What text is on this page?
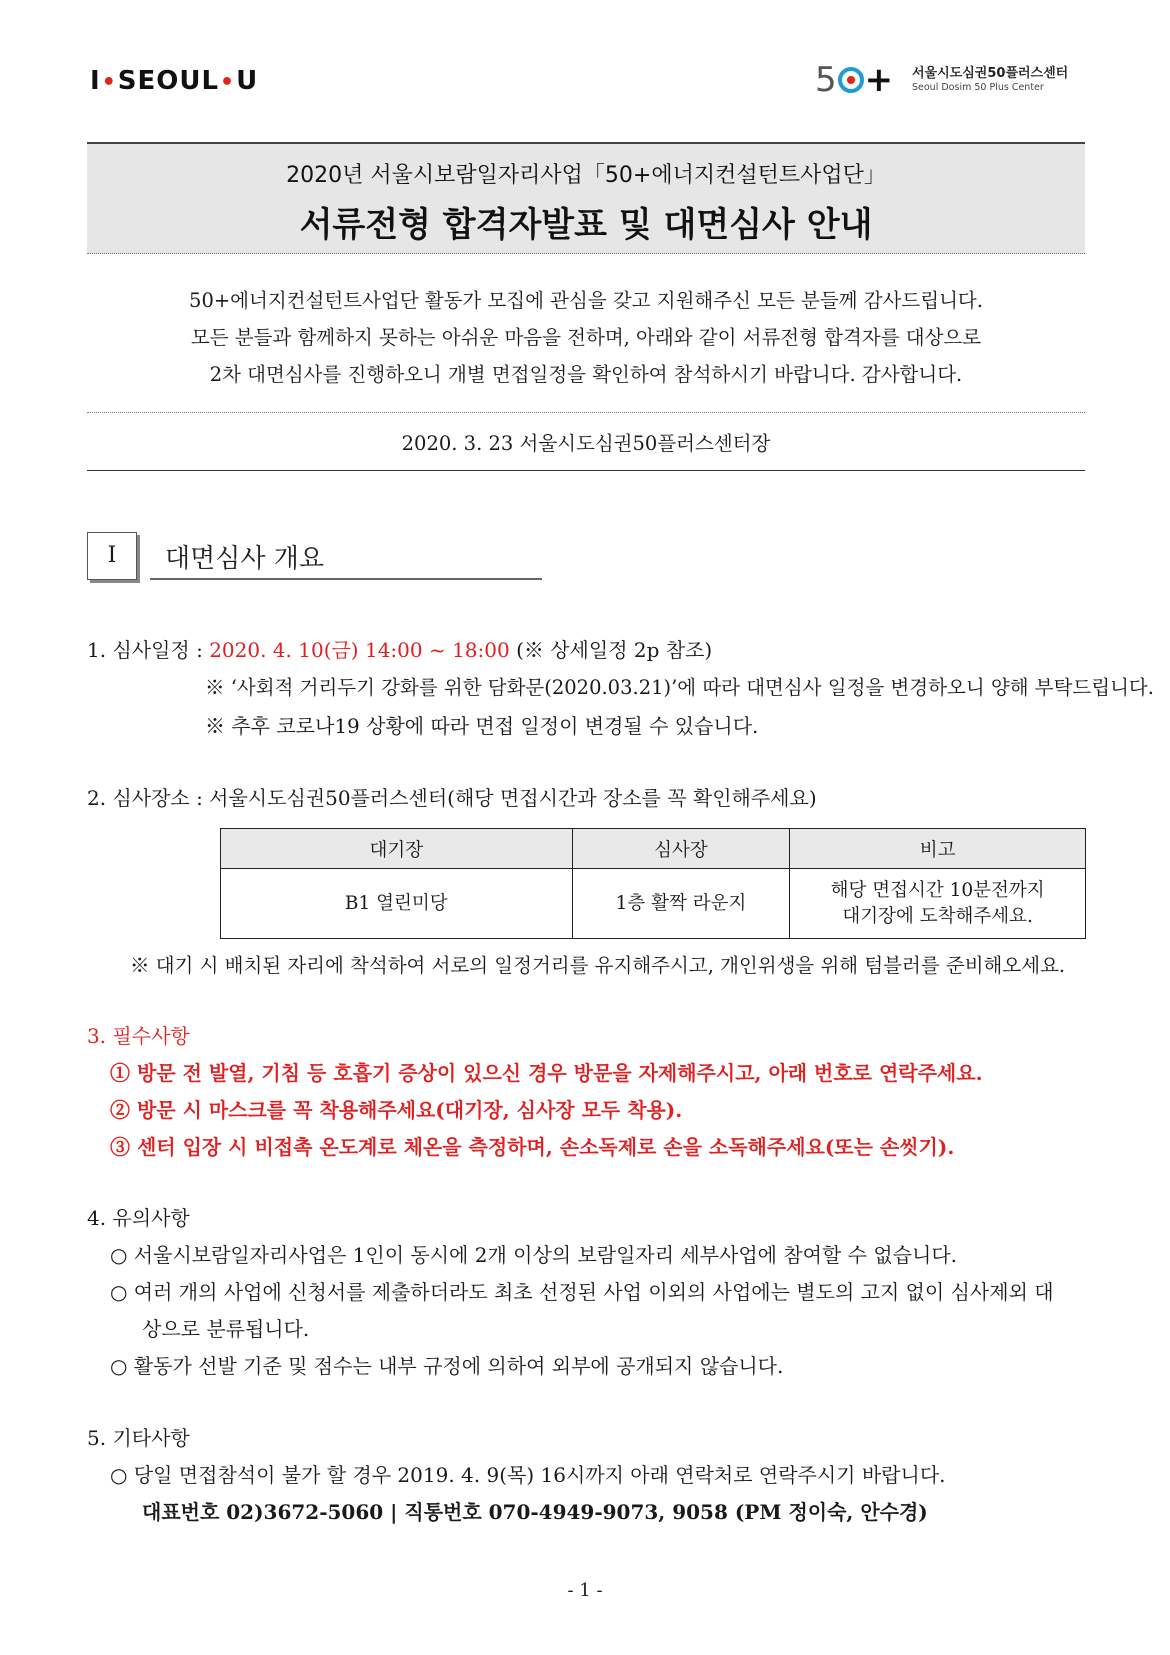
I•SEOUL•U	5 + 서울시도심권50플러스센터
Seoul Dosim 50 Plus Center
2020년 서울시보람일자리사업「50+에너지컨설턴트사업단」
서류전형 합격자발표 및 대면심사 안내
50+에너지컨설턴트사업단 활동가 모집에 관심을 갖고 지원해주신 모든 분들께 감사드립니다.
모든 분들과 함께하지 못하는 아쉬운 마음을 전하며, 아래와 같이 서류전형 합격자를 대상으로
2차 대면심사를 진행하오니 개별 면접일정을 확인하여 참석하시기 바랍니다. 감사합니다.
2020. 3. 23 서울시도심권50플러스센터장
I	대면심사 개요
1. 심사일정 : 2020. 4. 10(금) 14:00 ~ 18:00 (※ 상세일정 2p 참조)
※ ‘사회적 거리두기 강화를 위한 담화문(2020.03.21)’에 따라 대면심사 일정을 변경하오니 양해 부탁드립니다.
※ 추후 코로나19 상황에 따라 면접 일정이 변경될 수 있습니다.
2. 심사장소 : 서울시도심권50플러스센터(해당 면접시간과 장소를 꼭 확인해주세요)
대기장	심사장	비고
B1 열린미당	1층 활짝 라운지	해당 면접시간 10분전까지
대기장에 도착해주세요.
※ 대기 시 배치된 자리에 착석하여 서로의 일정거리를 유지해주시고, 개인위생을 위해 텀블러를 준비해오세요.
3. 필수사항
① 방문 전 발열, 기침 등 호흡기 증상이 있으신 경우 방문을 자제해주시고, 아래 번호로 연락주세요.
② 방문 시 마스크를 꼭 착용해주세요(대기장, 심사장 모두 착용).
③ 센터 입장 시 비접촉 온도계로 체온을 측정하며, 손소독제로 손을 소독해주세요(또는 손씻기).
4. 유의사항
○ 서울시보람일자리사업은 1인이 동시에 2개 이상의 보람일자리 세부사업에 참여할 수 없습니다.
○ 여러 개의 사업에 신청서를 제출하더라도 최초 선정된 사업 이외의 사업에는 별도의 고지 없이 심사제외 대
상으로 분류됩니다.
○ 활동가 선발 기준 및 점수는 내부 규정에 의하여 외부에 공개되지 않습니다.
5. 기타사항
○ 당일 면접참석이 불가 할 경우 2019. 4. 9(목) 16시까지 아래 연락처로 연락주시기 바랍니다.
대표번호 02)3672-5060 | 직통번호 070-4949-9073, 9058 (PM 정이숙, 안수경)
- 1 -
